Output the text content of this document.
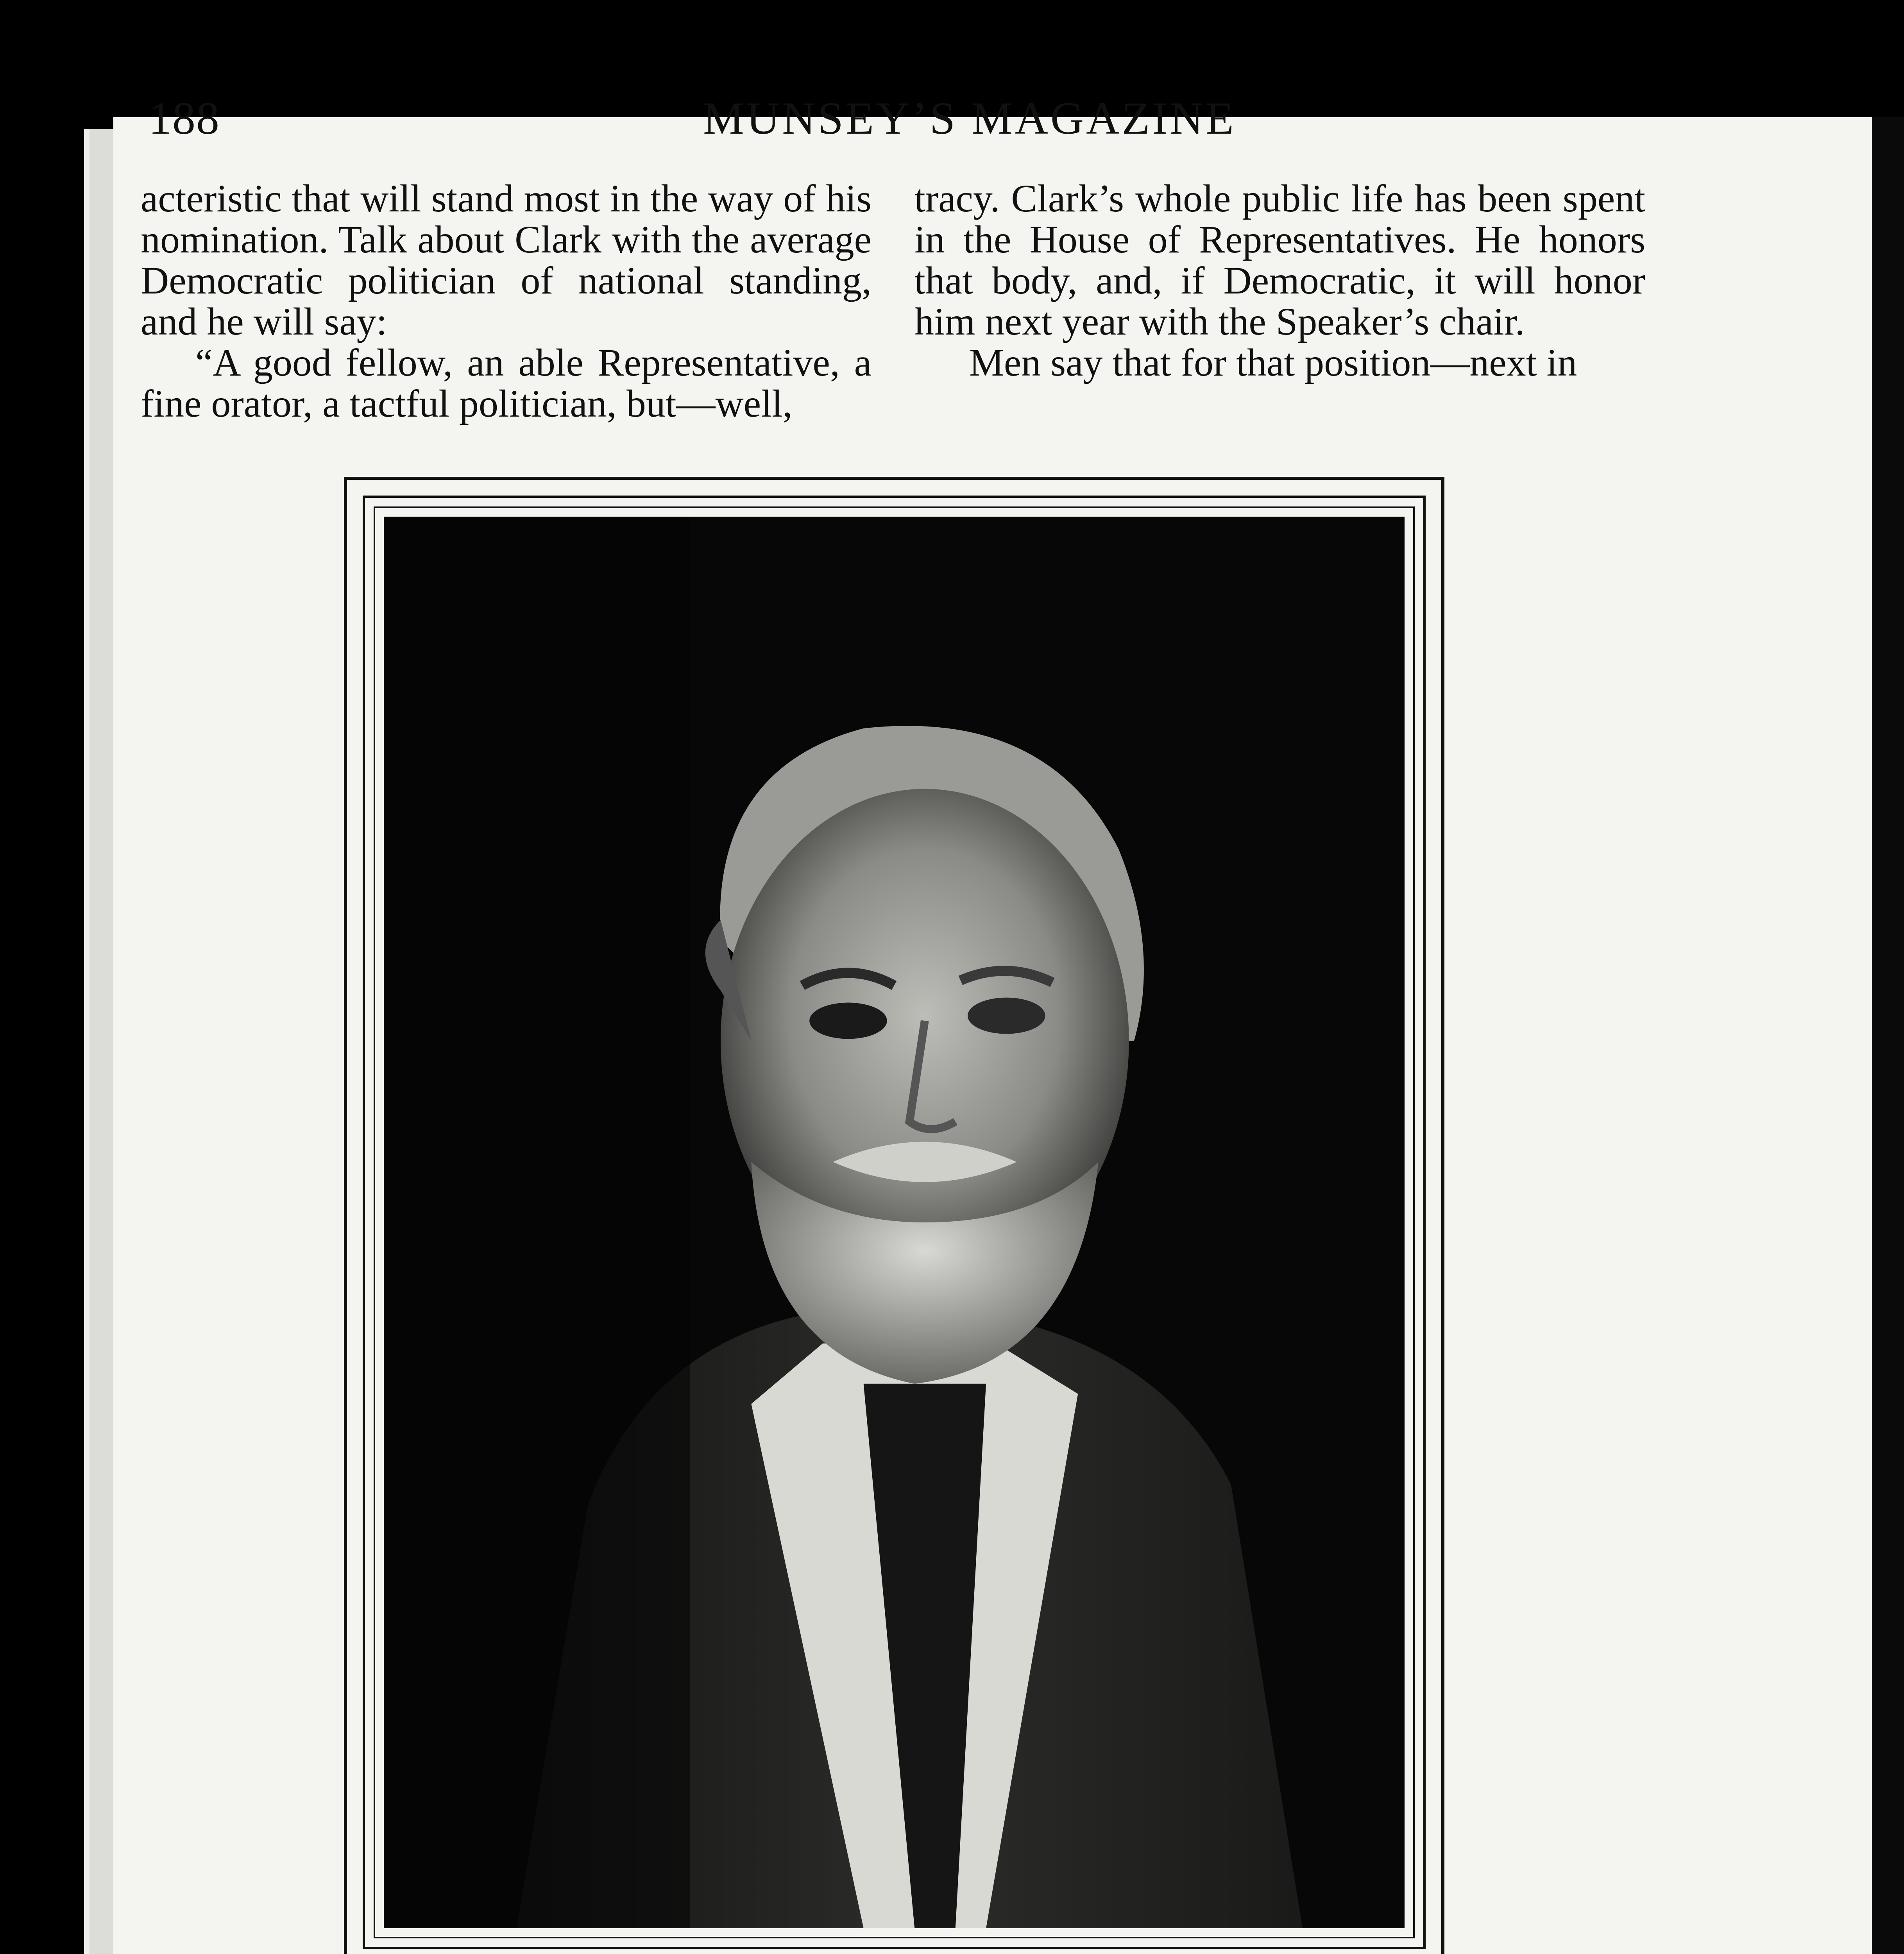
188	MUNSEY’S MAGAZINE

acteristic that will stand most in the way of his nomination. Talk about Clark with the average Democratic politician of national standing, and he will say:

“A good fellow, an able Representative, a fine orator, a tactful politician, but—well,

tracy. Clark’s whole public life has been spent in the House of Representatives. He honors that body, and, if Democratic, it will honor him next year with the Speaker’s chair.

Men say that for that position—next in
